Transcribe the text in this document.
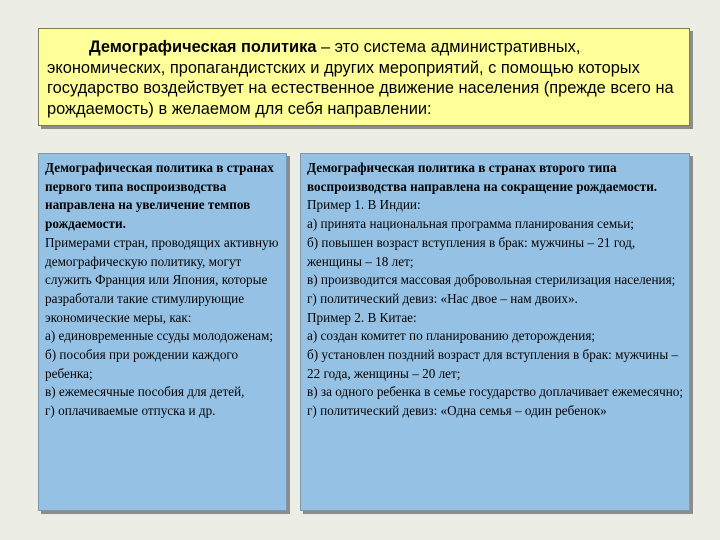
Демографическая политика – это система административных, экономических, пропагандистских и других мероприятий, с помощью которых государство воздействует на естественное движение населения (прежде всего на рождаемость) в желаемом для себя направлении:

Демографическая политика в странах первого типа воспроизводства направлена на увеличение темпов рождаемости.

Примерами стран, проводящих активную демографическую политику, могут служить Франция или Япония, которые разработали такие стимулирующие экономические меры, как:

а) единовременные ссуды молодоженам;

б) пособия при рождении каждого ребенка;

в) ежемесячные пособия для детей,

г) оплачиваемые отпуска и др.

Демографическая политика в странах второго типа воспроизводства направлена на сокращение рождаемости.

Пример 1. В Индии:

а) принята национальная программа планирования семьи;

б) повышен возраст вступления в брак: мужчины – 21 год, женщины – 18 лет;

в) производится массовая добровольная стерилизация населения;

г) политический девиз: «Нас двое – нам двоих».

Пример 2. В Китае:

а) создан комитет по планированию деторождения;

б) установлен поздний возраст для вступления в брак: мужчины – 22 года, женщины – 20 лет;

в) за одного ребенка в семье государство доплачивает ежемесячно;

г) политический девиз: «Одна семья – один ребенок»
